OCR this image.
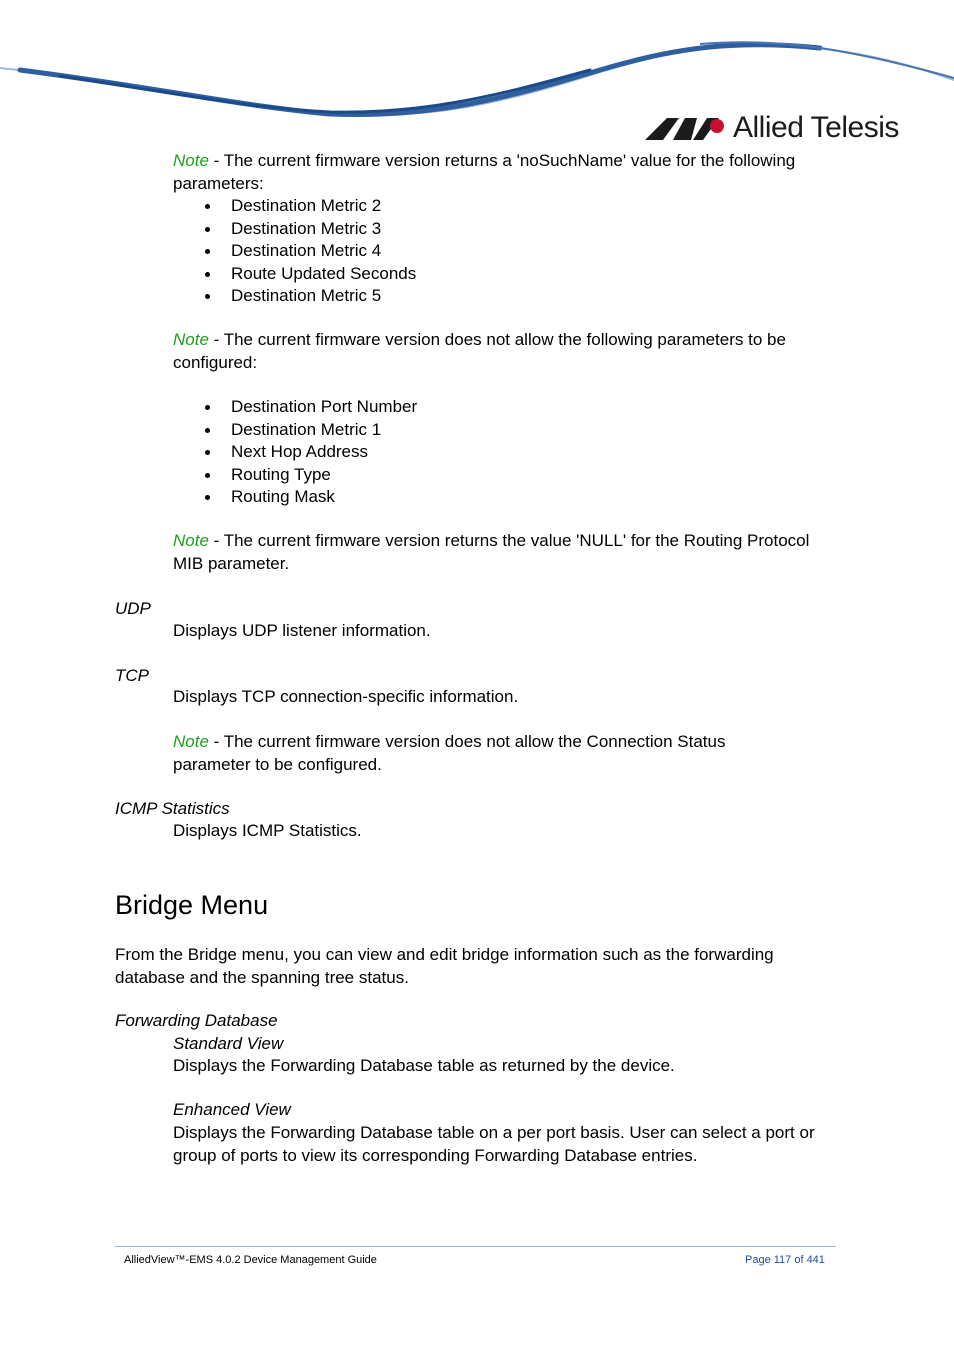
Allied Telesis
Note - The current firmware version returns a 'noSuchName' value for the following parameters:
Destination Metric 2
Destination Metric 3
Destination Metric 4
Route Updated Seconds
Destination Metric 5
Note - The current firmware version does not allow the following parameters to be configured:
Destination Port Number
Destination Metric 1
Next Hop Address
Routing Type
Routing Mask
Note - The current firmware version returns the value 'NULL' for the Routing Protocol MIB parameter.
UDP
Displays UDP listener information.
TCP
Displays TCP connection-specific information.
Note - The current firmware version does not allow the Connection Status parameter to be configured.
ICMP Statistics
Displays ICMP Statistics.
Bridge Menu
From the Bridge menu, you can view and edit bridge information such as the forwarding database and the spanning tree status.
Forwarding Database
Standard View
Displays the Forwarding Database table as returned by the device.
Enhanced View
Displays the Forwarding Database table on a per port basis. User can select a port or group of ports to view its corresponding Forwarding Database entries.
AlliedView™-EMS 4.0.2 Device Management Guide	Page 117 of 441
